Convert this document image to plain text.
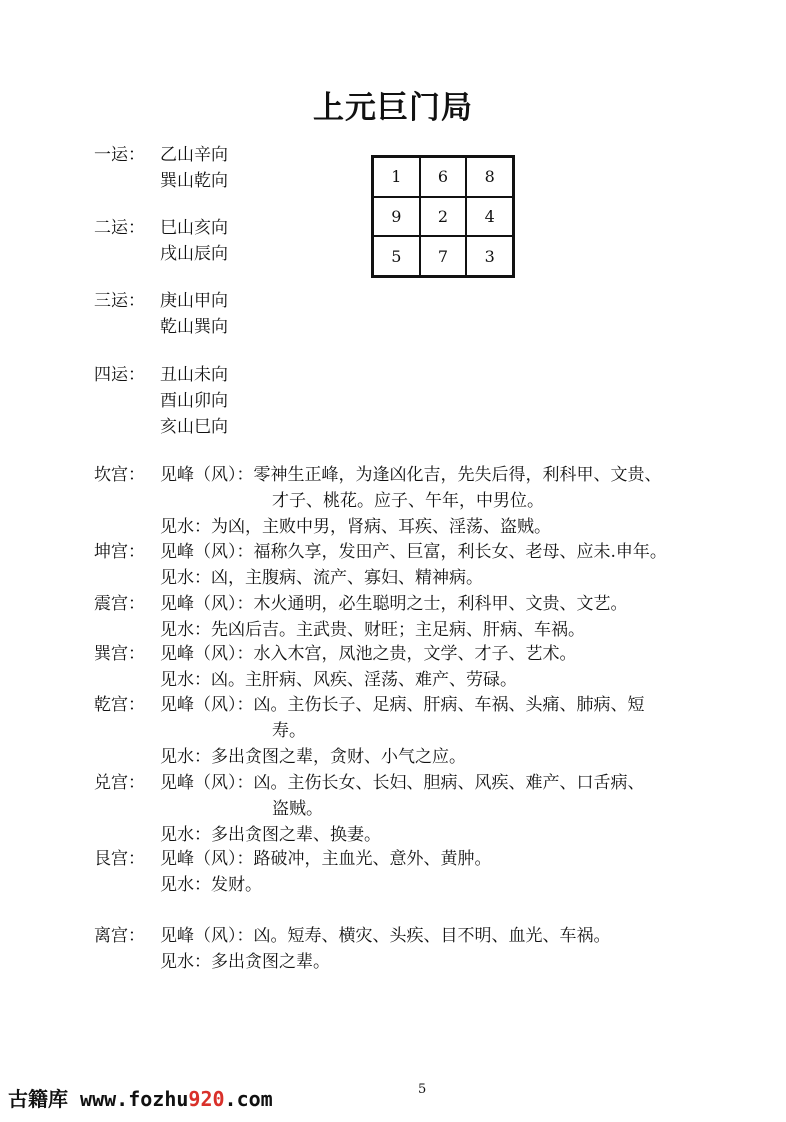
上元巨门局
一运： 乙山辛向
巽山乾向
二运： 巳山亥向
戌山辰向
三运： 庚山甲向
乾山巽向
四运： 丑山未向
酉山卯向
亥山巳向
1	6	8
9	2	4
5	7	3
坎宫： 见峰（风）：零神生正峰，为逢凶化吉，先失后得，利科甲、文贵、
才子、桃花。应子、午年，中男位。
见水：为凶，主败中男，肾病、耳疾、淫荡、盗贼。
坤宫： 见峰（风）：福称久享，发田产、巨富，利长女、老母、应未.申年。
见水：凶，主腹病、流产、寡妇、精神病。
震宫： 见峰（风）：木火通明，必生聪明之士，利科甲、文贵、文艺。
见水：先凶后吉。主武贵、财旺；主足病、肝病、车祸。
巽宫： 见峰（风）：水入木宫，凤池之贵，文学、才子、艺术。
见水：凶。主肝病、风疾、淫荡、难产、劳碌。
乾宫： 见峰（风）：凶。主伤长子、足病、肝病、车祸、头痛、肺病、短
寿。
见水：多出贪图之辈，贪财、小气之应。
兑宫： 见峰（风）：凶。主伤长女、长妇、胆病、风疾、难产、口舌病、
盗贼。
见水：多出贪图之辈、换妻。
艮宫： 见峰（风）：路破冲，主血光、意外、黄肿。
见水：发财。
离宫： 见峰（风）：凶。短寿、横灾、头疾、目不明、血光、车祸。
见水：多出贪图之辈。
5
古籍库 www.fozhu920.com
